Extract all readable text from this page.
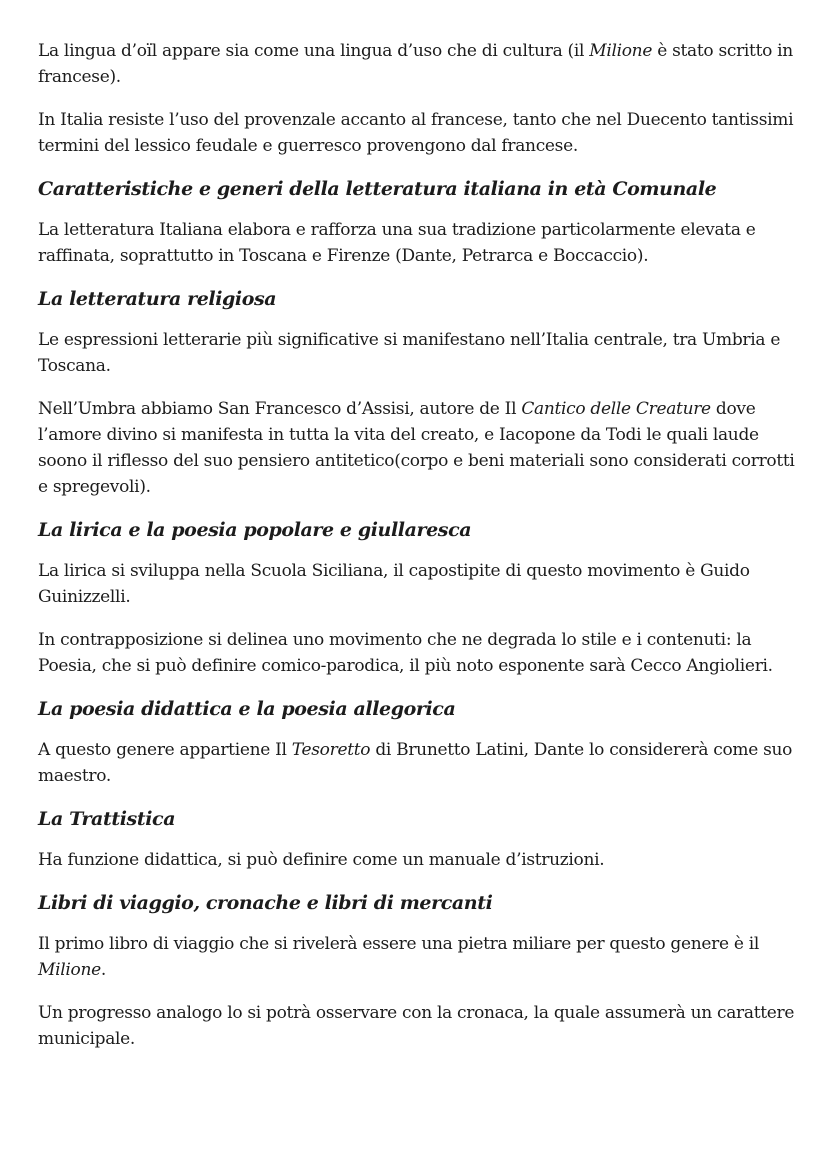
La lingua d’oïl appare sia come una lingua d’uso che di cultura (il Milione è stato scritto in francese).

In Italia resiste l’uso del provenzale accanto al francese, tanto che nel Duecento tantissimi termini del lessico feudale e guerresco provengono dal francese.

Caratteristiche e generi della letteratura italiana in età Comunale

La letteratura Italiana elabora e rafforza una sua tradizione particolarmente elevata e raffinata, soprattutto in Toscana e Firenze (Dante, Petrarca e Boccaccio).

La letteratura religiosa

Le espressioni letterarie più significative si manifestano nell’Italia centrale, tra Umbria e Toscana.

Nell’Umbra abbiamo San Francesco d’Assisi, autore de Il Cantico delle Creature dove l’amore divino si manifesta in tutta la vita del creato, e Iacopone da Todi le quali laude soono il riflesso del suo pensiero antitetico(corpo e beni materiali sono considerati corrotti e spregevoli).

La lirica e la poesia popolare e giullaresca

La lirica si sviluppa nella Scuola Siciliana, il capostipite di questo movimento è Guido Guinizzelli.

In contrapposizione si delinea uno movimento che ne degrada lo stile e i contenuti: la Poesia, che si può definire comico-parodica, il più noto esponente sarà Cecco Angiolieri.

La poesia didattica e la poesia allegorica

A questo genere appartiene Il Tesoretto di Brunetto Latini, Dante lo considererà come suo maestro.

La Trattistica

Ha funzione didattica, si può definire come un manuale d’istruzioni.

Libri di viaggio, cronache e libri di mercanti

Il primo libro di viaggio che si rivelerà essere una pietra miliare per questo genere è il Milione.

Un progresso analogo lo si potrà osservare con la cronaca, la quale assumerà un carattere municipale.
